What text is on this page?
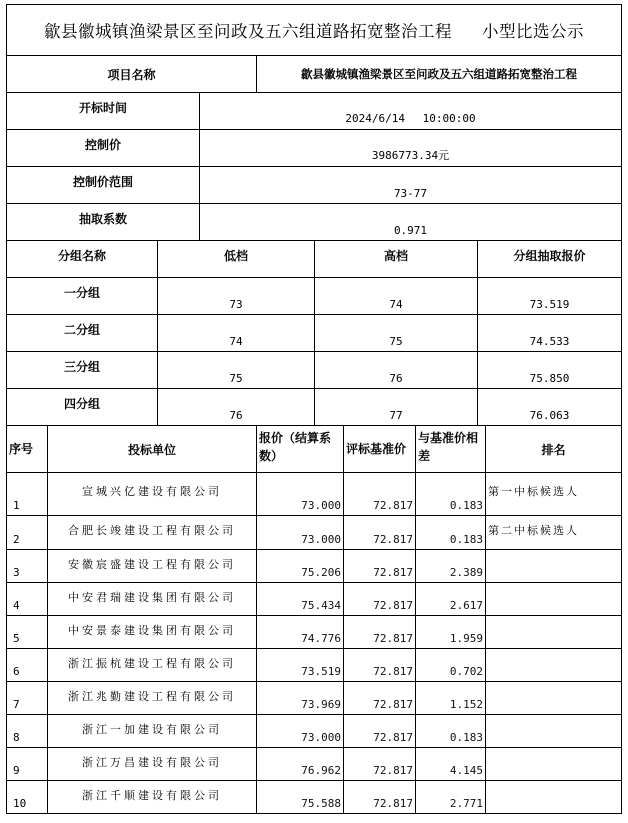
歙县徽城镇渔梁景区至问政及五六组道路拓宽整治工程 小型比选公示		
项目名称		歙县徽城镇渔梁景区至问政及五六组道路拓宽整治工程
开标时间	2024/6/14　 10:00:00	
控制价	3986773.34元	
控制价范围	73-77	
抽取系数	0.971	
分组名称	低档	高档	分组抽取报价
一分组	73	74	73.519
二分组	74	75	74.533
三分组	75	76	75.850
四分组	76	77	76.063
序号	投标单位	报价（结算系数）	评标基准价	与基准价相差	排名
1	宣城兴亿建设有限公司	73.000	72.817	0.183	第一中标候选人
2	合肥长竣建设工程有限公司	73.000	72.817	0.183	第二中标候选人
3	安徽宸盛建设工程有限公司	75.206	72.817	2.389	
4	中安君瑞建设集团有限公司	75.434	72.817	2.617	
5	中安景泰建设集团有限公司	74.776	72.817	1.959	
6	浙江振杭建设工程有限公司	73.519	72.817	0.702	
7	浙江兆勤建设工程有限公司	73.969	72.817	1.152	
8	浙江一加建设有限公司	73.000	72.817	0.183	
9	浙江万昌建设有限公司	76.962	72.817	4.145	
10	浙江千顺建设有限公司	75.588	72.817	2.771	
